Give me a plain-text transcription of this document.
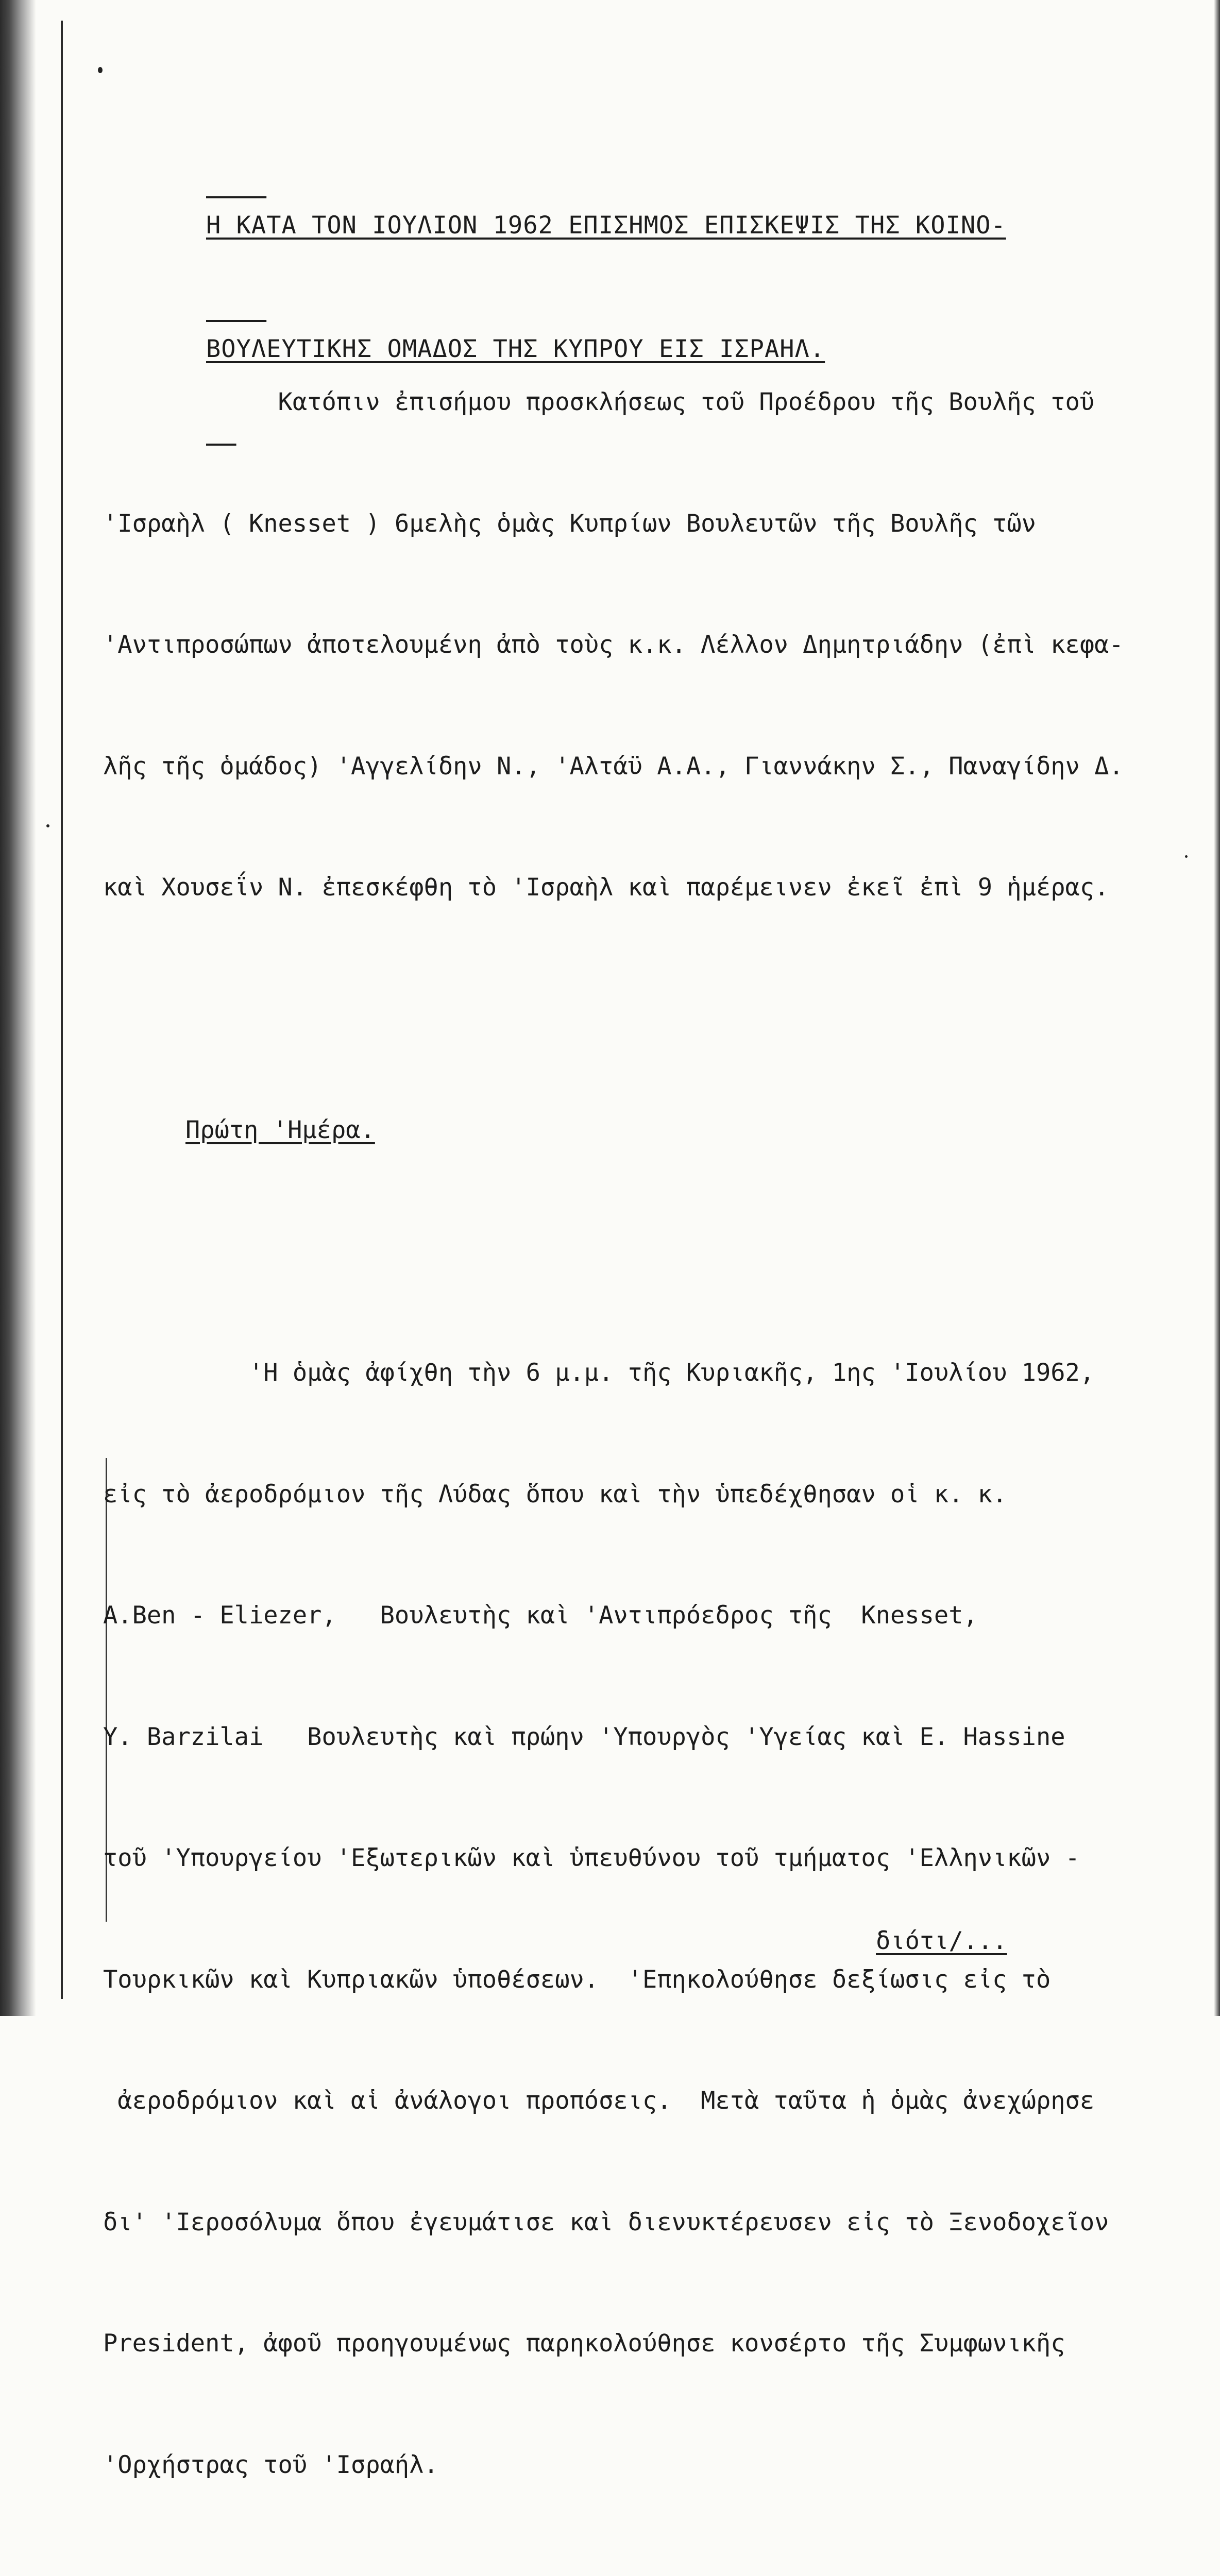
Η ΚΑΤΑ ΤΟΝ ΙΟΥΛΙΟΝ 1962 ΕΠΙΣΗΜΟΣ ΕΠΙΣΚΕΨΙΣ ΤΗΣ ΚΟΙΝΟ-

ΒΟΥΛΕΥΤΙΚΗΣ ΟΜΑΔΟΣ ΤΗΣ ΚΥΠΡΟΥ ΕΙΣ ΙΣΡΑΗΛ.

Κατόπιν ἐπισήμου προσκλήσεως τοῦ Προέδρου τῆς Βουλῆς τοῦ

'Ισραὴλ ( Knesset ) 6μελὴς ὁμὰς Κυπρίων Βουλευτῶν τῆς Βουλῆς τῶν

'Αντιπροσώπων ἀποτελουμένη ἀπὸ τοὺς κ.κ. Λέλλον Δημητριάδην (ἐπὶ κεφα-

λῆς τῆς ὁμάδος) 'Αγγελίδην Ν., 'Αλτάϋ Α.Α., Γιαννάκην Σ., Παναγίδην Δ.

καὶ Χουσεΐν Ν. ἐπεσκέφθη τὸ 'Ισραὴλ καὶ παρέμεινεν ἐκεῖ ἐπὶ 9 ἡμέρας.

Πρώτη 'Ημέρα.

'Η ὁμὰς ἀφίχθη τὴν 6 μ.μ. τῆς Κυριακῆς, 1ης 'Ιουλίου 1962,

εἰς τὸ ἀεροδρόμιον τῆς Λύδας ὅπου καὶ τὴν ὑπεδέχθησαν οἱ κ. κ.

A.Ben - Eliezer,   Βουλευτὴς καὶ 'Αντιπρόεδρος τῆς  Knesset,

Y. Barzilai   Βουλευτὴς καὶ πρώην 'Υπουργὸς 'Υγείας καὶ Ε. Hassine

τοῦ 'Υπουργείου 'Εξωτερικῶν καὶ ὑπευθύνου τοῦ τμήματος 'Ελληνικῶν -

Τουρκικῶν καὶ Κυπριακῶν ὑποθέσεων.  'Επηκολούθησε δεξίωσις εἰς τὸ

ἀεροδρόμιον καὶ αἱ ἀνάλογοι προπόσεις.  Μετὰ ταῦτα ἡ ὁμὰς ἀνεχώρησε

δι' 'Ιεροσόλυμα ὅπου ἐγευμάτισε καὶ διενυκτέρευσεν εἰς τὸ Ξενοδοχεῖον

President, ἀφοῦ προηγουμένως παρηκολούθησε κονσέρτο τῆς Συμφωνικῆς

'Ορχήστρας τοῦ 'Ισραήλ.

διότι/...
